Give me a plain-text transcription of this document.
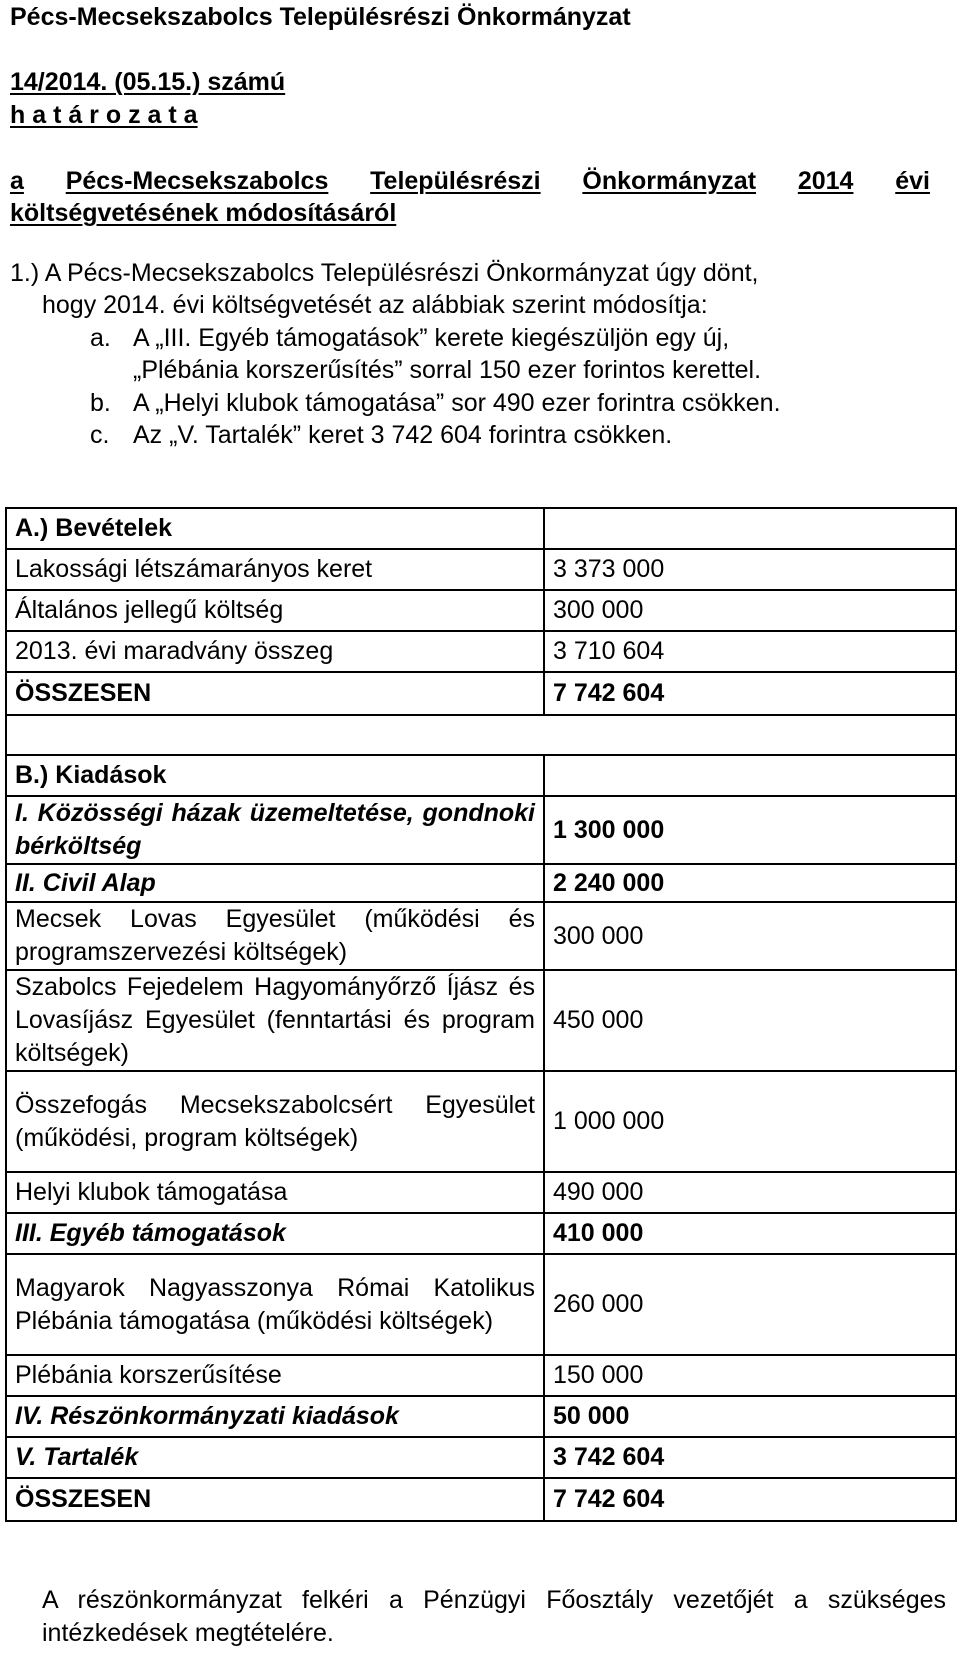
Pécs-Mecsekszabolcs Településrészi Önkormányzat
14/2014. (05.15.) számú
h a t á r o z a t a
a Pécs-Mecsekszabolcs Településrészi Önkormányzat 2014 évi
költségvetésének módosításáról
1.) A Pécs-Mecsekszabolcs Településrészi Önkormányzat úgy dönt,
hogy 2014. évi költségvetését az alábbiak szerint módosítja:
a. A „III. Egyéb támogatások” kerete kiegészüljön egy új,
„Plébánia korszerűsítés” sorral 150 ezer forintos kerettel.
b. A „Helyi klubok támogatása” sor 490 ezer forintra csökken.
c. Az „V. Tartalék” keret 3 742 604 forintra csökken.
A.) Bevételek	
Lakossági létszámarányos keret	3 373 000
Általános jellegű költség	300 000
2013. évi maradvány összeg	3 710 604
ÖSSZESEN	7 742 604

B.) Kiadások	
I. Közösségi házak üzemeltetése, gondnoki bérköltség	1 300 000
II. Civil Alap	2 240 000
Mecsek Lovas Egyesület (működési és programszervezési költségek)	300 000
Szabolcs Fejedelem Hagyományőrző Íjász és Lovasíjász Egyesület (fenntartási és program költségek)	450 000
Összefogás Mecsekszabolcsért Egyesület (működési, program költségek)	1 000 000
Helyi klubok támogatása	490 000
III. Egyéb támogatások	410 000
Magyarok Nagyasszonya Római Katolikus Plébánia támogatása (működési költségek)	260 000
Plébánia korszerűsítése	150 000
IV. Részönkormányzati kiadások	50 000
V. Tartalék	3 742 604
ÖSSZESEN	7 742 604
A részönkormányzat felkéri a Pénzügyi Főosztály vezetőjét a szükséges intézkedések megtételére.
